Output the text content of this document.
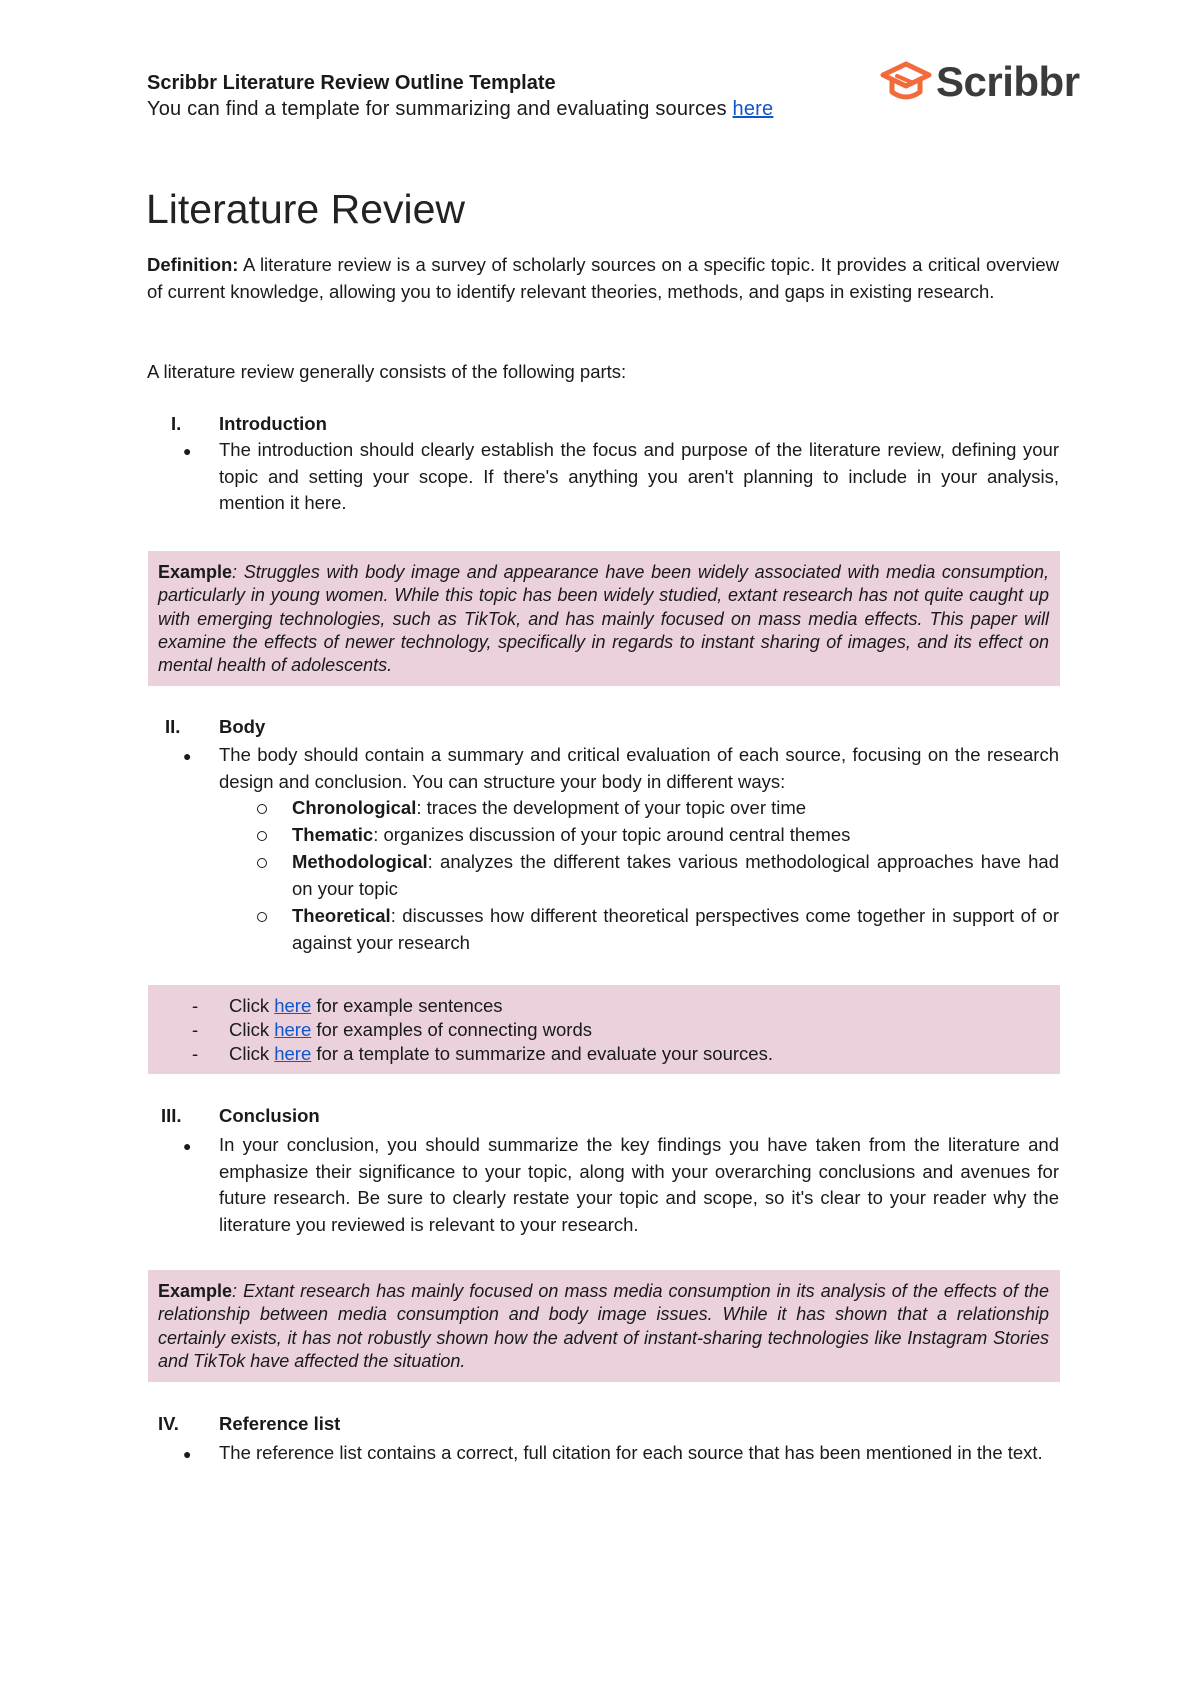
Scribbr Literature Review Outline Template
You can find a template for summarizing and evaluating sources here
Scribbr
Literature Review
Definition: A literature review is a survey of scholarly sources on a specific topic. It provides a critical overview of current knowledge, allowing you to identify relevant theories, methods, and gaps in existing research.
A literature review generally consists of the following parts:
I. Introduction
● The introduction should clearly establish the focus and purpose of the literature review, defining your topic and setting your scope. If there's anything you aren't planning to include in your analysis, mention it here.
Example: Struggles with body image and appearance have been widely associated with media consumption, particularly in young women. While this topic has been widely studied, extant research has not quite caught up with emerging technologies, such as TikTok, and has mainly focused on mass media effects. This paper will examine the effects of newer technology, specifically in regards to instant sharing of images, and its effect on mental health of adolescents.
II. Body
● The body should contain a summary and critical evaluation of each source, focusing on the research design and conclusion. You can structure your body in different ways:
Chronological: traces the development of your topic over time
Thematic: organizes discussion of your topic around central themes
Methodological: analyzes the different takes various methodological approaches have had on your topic
Theoretical: discusses how different theoretical perspectives come together in support of or against your research
- Click here for example sentences
- Click here for examples of connecting words
- Click here for a template to summarize and evaluate your sources.
III. Conclusion
● In your conclusion, you should summarize the key findings you have taken from the literature and emphasize their significance to your topic, along with your overarching conclusions and avenues for future research. Be sure to clearly restate your topic and scope, so it's clear to your reader why the literature you reviewed is relevant to your research.
Example: Extant research has mainly focused on mass media consumption in its analysis of the effects of the relationship between media consumption and body image issues. While it has shown that a relationship certainly exists, it has not robustly shown how the advent of instant-sharing technologies like Instagram Stories and TikTok have affected the situation.
IV. Reference list
● The reference list contains a correct, full citation for each source that has been mentioned in the text.
